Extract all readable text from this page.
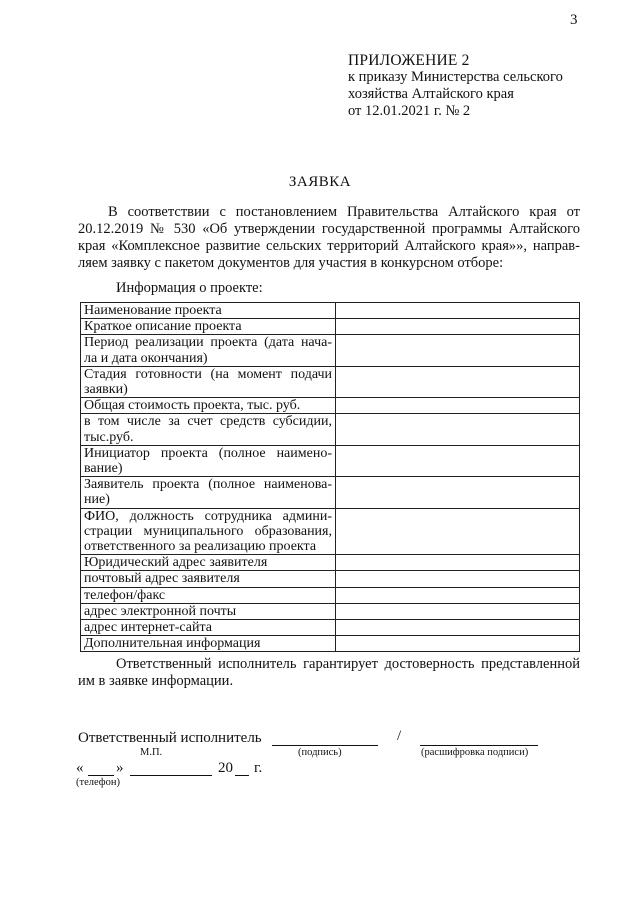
3
ПРИЛОЖЕНИЕ 2
к приказу Министерства сельского
хозяйства Алтайского края
от 12.01.2021 г. № 2
ЗАЯВКА
В соответствии с постановлением Правительства Алтайского края от
20.12.2019 № 530 «Об утверждении государственной программы Алтайского
края «Комплексное развитие сельских территорий Алтайского края»», направ-
ляем заявку с пакетом документов для участия в конкурсном отборе:
Информация о проекте:
Наименование проекта	

Краткое описание проекта	

Период реализации проекта (дата нача-
ла и дата окончания)	

Стадия готовности (на момент подачи
заявки)	

Общая стоимость проекта, тыс. руб.	

в том числе за счет средств субсидии,
тыс.руб.	

Инициатор проекта (полное наимено-
вание)	

Заявитель проекта (полное наименова-
ние)	

ФИО, должность сотрудника админи-
страции муниципального образования,
ответственного за реализацию проекта	

Юридический адрес заявителя	

почтовый адрес заявителя	

телефон/факс	

адрес электронной почты	

адрес интернет-сайта	

Дополнительная информация	

Ответственный исполнитель гарантирует достоверность представленной
им в заявке информации.
Ответственный исполнитель	/
М.П.	(подпись)	(расшифровка подписи)
« »	20 г.
(телефон)
